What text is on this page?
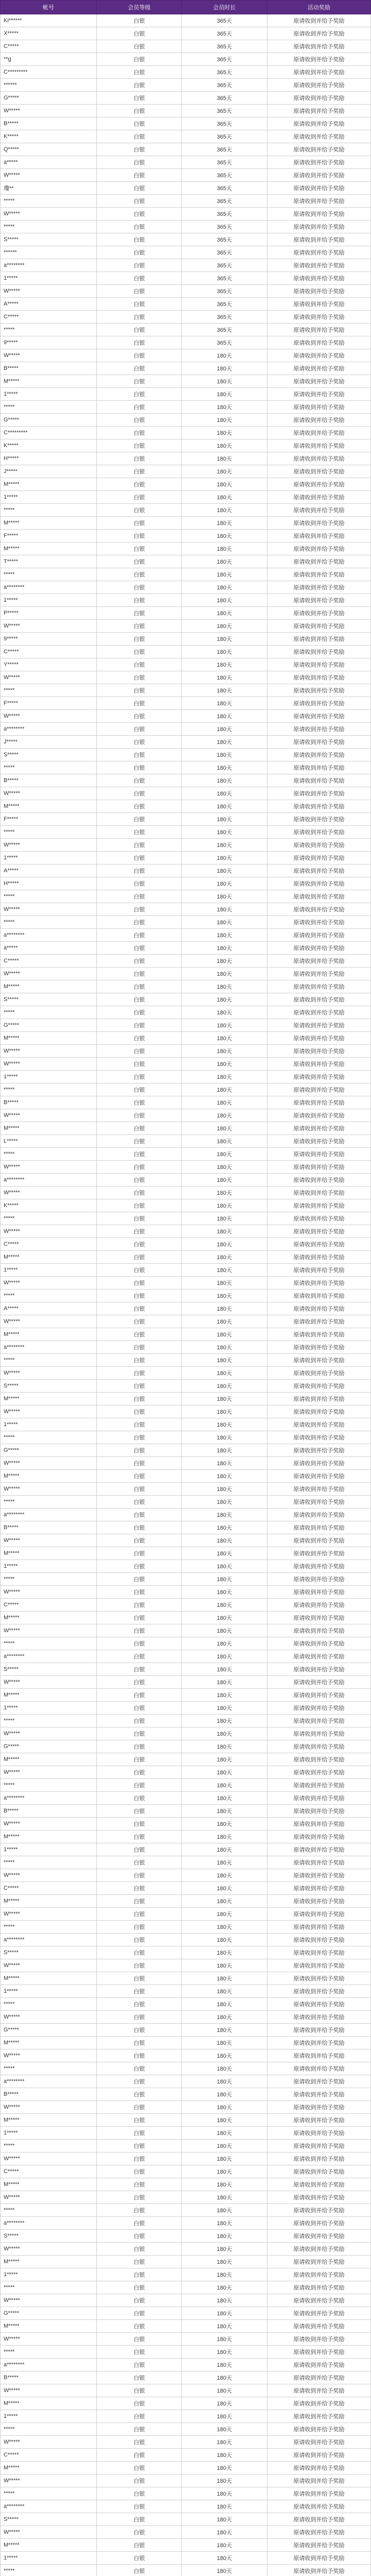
帐号	会员等级	会员时长	活动奖励
Ki******	白银	365天	原请收到并给予奖励
X*****	白银	365天	原请收到并给予奖励
C*****	白银	365天	原请收到并给予奖励
**g	白银	365天	原请收到并给予奖励
C*********	白银	365天	原请收到并给予奖励
******	白银	365天	原请收到并给予奖励
G*****	白银	365天	原请收到并给予奖励
W*****	白银	365天	原请收到并给予奖励
B*****	白银	365天	原请收到并给予奖励
K*****	白银	365天	原请收到并给予奖励
Q*****	白银	365天	原请收到并给予奖励
a*****	白银	365天	原请收到并给予奖励
W*****	白银	365天	原请收到并给予奖励
瓊**	白银	365天	原请收到并给予奖励
*****	白银	365天	原请收到并给予奖励
W*****	白银	365天	原请收到并给予奖励
*****	白银	365天	原请收到并给予奖励
S*****	白银	365天	原请收到并给予奖励
******	白银	365天	原请收到并给予奖励
a********	白银	365天	原请收到并给予奖励
1*****	白银	365天	原请收到并给予奖励
W*****	白银	365天	原请收到并给予奖励
A*****	白银	365天	原请收到并给予奖励
C*****	白银	365天	原请收到并给予奖励
*****	白银	365天	原请收到并给予奖励
9*****	白银	365天	原请收到并给予奖励
W*****	白银	180天	原请收到并给予奖励
B*****	白银	180天	原请收到并给予奖励
M*****	白银	180天	原请收到并给予奖励
1*****	白银	180天	原请收到并给予奖励
*****	白银	180天	原请收到并给予奖励
G*****	白银	180天	原请收到并给予奖励
C*********	白银	180天	原请收到并给予奖励
K*****	白银	180天	原请收到并给予奖励
H*****	白银	180天	原请收到并给予奖励
J*****	白银	180天	原请收到并给予奖励
M*****	白银	180天	原请收到并给予奖励
1*****	白银	180天	原请收到并给予奖励
*****	白银	180天	原请收到并给予奖励
M*****	白银	180天	原请收到并给予奖励
F*****	白银	180天	原请收到并给予奖励
M*****	白银	180天	原请收到并给予奖励
T*****	白银	180天	原请收到并给予奖励
*****	白银	180天	原请收到并给予奖励
a********	白银	180天	原请收到并给予奖励
1*****	白银	180天	原请收到并给予奖励
P*****	白银	180天	原请收到并给予奖励
W*****	白银	180天	原请收到并给予奖励
9*****	白银	180天	原请收到并给予奖励
C*****	白银	180天	原请收到并给予奖励
Y*****	白银	180天	原请收到并给予奖励
W*****	白银	180天	原请收到并给予奖励
*****	白银	180天	原请收到并给予奖励
F*****	白银	180天	原请收到并给予奖励
W*****	白银	180天	原请收到并给予奖励
a********	白银	180天	原请收到并给予奖励
J*****	白银	180天	原请收到并给予奖励
S*****	白银	180天	原请收到并给予奖励
*****	白银	180天	原请收到并给予奖励
B*****	白银	180天	原请收到并给予奖励
W*****	白银	180天	原请收到并给予奖励
M*****	白银	180天	原请收到并给予奖励
F*****	白银	180天	原请收到并给予奖励
*****	白银	180天	原请收到并给予奖励
W*****	白银	180天	原请收到并给予奖励
1*****	白银	180天	原请收到并给予奖励
A*****	白银	180天	原请收到并给予奖励
H*****	白银	180天	原请收到并给予奖励
*****	白银	180天	原请收到并给予奖励
W*****	白银	180天	原请收到并给予奖励
*****	白银	180天	原请收到并给予奖励
a********	白银	180天	原请收到并给予奖励
a*****	白银	180天	原请收到并给予奖励
C*****	白银	180天	原请收到并给予奖励
W*****	白银	180天	原请收到并给予奖励
M*****	白银	180天	原请收到并给予奖励
S*****	白银	180天	原请收到并给予奖励
*****	白银	180天	原请收到并给予奖励
G*****	白银	180天	原请收到并给予奖励
M*****	白银	180天	原请收到并给予奖励
W*****	白银	180天	原请收到并给予奖励
W*****	白银	180天	原请收到并给予奖励
1*****	白银	180天	原请收到并给予奖励
*****	白银	180天	原请收到并给予奖励
B*****	白银	180天	原请收到并给予奖励
W*****	白银	180天	原请收到并给予奖励
M*****	白银	180天	原请收到并给予奖励
L*****	白银	180天	原请收到并给予奖励
*****	白银	180天	原请收到并给予奖励
W*****	白银	180天	原请收到并给予奖励
a********	白银	180天	原请收到并给予奖励
W*****	白银	180天	原请收到并给予奖励
K*****	白银	180天	原请收到并给予奖励
*****	白银	180天	原请收到并给予奖励
W*****	白银	180天	原请收到并给予奖励
C*****	白银	180天	原请收到并给予奖励
M*****	白银	180天	原请收到并给予奖励
1*****	白银	180天	原请收到并给予奖励
W*****	白银	180天	原请收到并给予奖励
*****	白银	180天	原请收到并给予奖励
A*****	白银	180天	原请收到并给予奖励
W*****	白银	180天	原请收到并给予奖励
M*****	白银	180天	原请收到并给予奖励
a********	白银	180天	原请收到并给予奖励
*****	白银	180天	原请收到并给予奖励
W*****	白银	180天	原请收到并给予奖励
S*****	白银	180天	原请收到并给予奖励
M*****	白银	180天	原请收到并给予奖励
W*****	白银	180天	原请收到并给予奖励
1*****	白银	180天	原请收到并给予奖励
*****	白银	180天	原请收到并给予奖励
G*****	白银	180天	原请收到并给予奖励
W*****	白银	180天	原请收到并给予奖励
M*****	白银	180天	原请收到并给予奖励
W*****	白银	180天	原请收到并给予奖励
*****	白银	180天	原请收到并给予奖励
a********	白银	180天	原请收到并给予奖励
B*****	白银	180天	原请收到并给予奖励
W*****	白银	180天	原请收到并给予奖励
M*****	白银	180天	原请收到并给予奖励
1*****	白银	180天	原请收到并给予奖励
*****	白银	180天	原请收到并给予奖励
W*****	白银	180天	原请收到并给予奖励
C*****	白银	180天	原请收到并给予奖励
M*****	白银	180天	原请收到并给予奖励
W*****	白银	180天	原请收到并给予奖励
*****	白银	180天	原请收到并给予奖励
a********	白银	180天	原请收到并给予奖励
S*****	白银	180天	原请收到并给予奖励
W*****	白银	180天	原请收到并给予奖励
M*****	白银	180天	原请收到并给予奖励
1*****	白银	180天	原请收到并给予奖励
*****	白银	180天	原请收到并给予奖励
W*****	白银	180天	原请收到并给予奖励
G*****	白银	180天	原请收到并给予奖励
M*****	白银	180天	原请收到并给予奖励
W*****	白银	180天	原请收到并给予奖励
*****	白银	180天	原请收到并给予奖励
a********	白银	180天	原请收到并给予奖励
B*****	白银	180天	原请收到并给予奖励
W*****	白银	180天	原请收到并给予奖励
M*****	白银	180天	原请收到并给予奖励
1*****	白银	180天	原请收到并给予奖励
*****	白银	180天	原请收到并给予奖励
W*****	白银	180天	原请收到并给予奖励
C*****	白银	180天	原请收到并给予奖励
M*****	白银	180天	原请收到并给予奖励
W*****	白银	180天	原请收到并给予奖励
*****	白银	180天	原请收到并给予奖励
a********	白银	180天	原请收到并给予奖励
S*****	白银	180天	原请收到并给予奖励
W*****	白银	180天	原请收到并给予奖励
M*****	白银	180天	原请收到并给予奖励
1*****	白银	180天	原请收到并给予奖励
*****	白银	180天	原请收到并给予奖励
W*****	白银	180天	原请收到并给予奖励
G*****	白银	180天	原请收到并给予奖励
M*****	白银	180天	原请收到并给予奖励
W*****	白银	180天	原请收到并给予奖励
*****	白银	180天	原请收到并给予奖励
a********	白银	180天	原请收到并给予奖励
B*****	白银	180天	原请收到并给予奖励
W*****	白银	180天	原请收到并给予奖励
M*****	白银	180天	原请收到并给予奖励
1*****	白银	180天	原请收到并给予奖励
*****	白银	180天	原请收到并给予奖励
W*****	白银	180天	原请收到并给予奖励
C*****	白银	180天	原请收到并给予奖励
M*****	白银	180天	原请收到并给予奖励
W*****	白银	180天	原请收到并给予奖励
*****	白银	180天	原请收到并给予奖励
a********	白银	180天	原请收到并给予奖励
S*****	白银	180天	原请收到并给予奖励
W*****	白银	180天	原请收到并给予奖励
M*****	白银	180天	原请收到并给予奖励
1*****	白银	180天	原请收到并给予奖励
*****	白银	180天	原请收到并给予奖励
W*****	白银	180天	原请收到并给予奖励
G*****	白银	180天	原请收到并给予奖励
M*****	白银	180天	原请收到并给予奖励
W*****	白银	180天	原请收到并给予奖励
*****	白银	180天	原请收到并给予奖励
a********	白银	180天	原请收到并给予奖励
B*****	白银	180天	原请收到并给予奖励
W*****	白银	180天	原请收到并给予奖励
M*****	白银	180天	原请收到并给予奖励
1*****	白银	180天	原请收到并给予奖励
*****	白银	180天	原请收到并给予奖励
W*****	白银	180天	原请收到并给予奖励
C*****	白银	180天	原请收到并给予奖励
M*****	白银	180天	原请收到并给予奖励
W*****	白银	180天	原请收到并给予奖励
*****	白银	180天	原请收到并给予奖励
a********	白银	180天	原请收到并给予奖励
S*****	白银	180天	原请收到并给予奖励
W*****	白银	180天	原请收到并给予奖励
M*****	白银	180天	原请收到并给予奖励
1*****	白银	180天	原请收到并给予奖励
*****	白银	180天	原请收到并给予奖励
